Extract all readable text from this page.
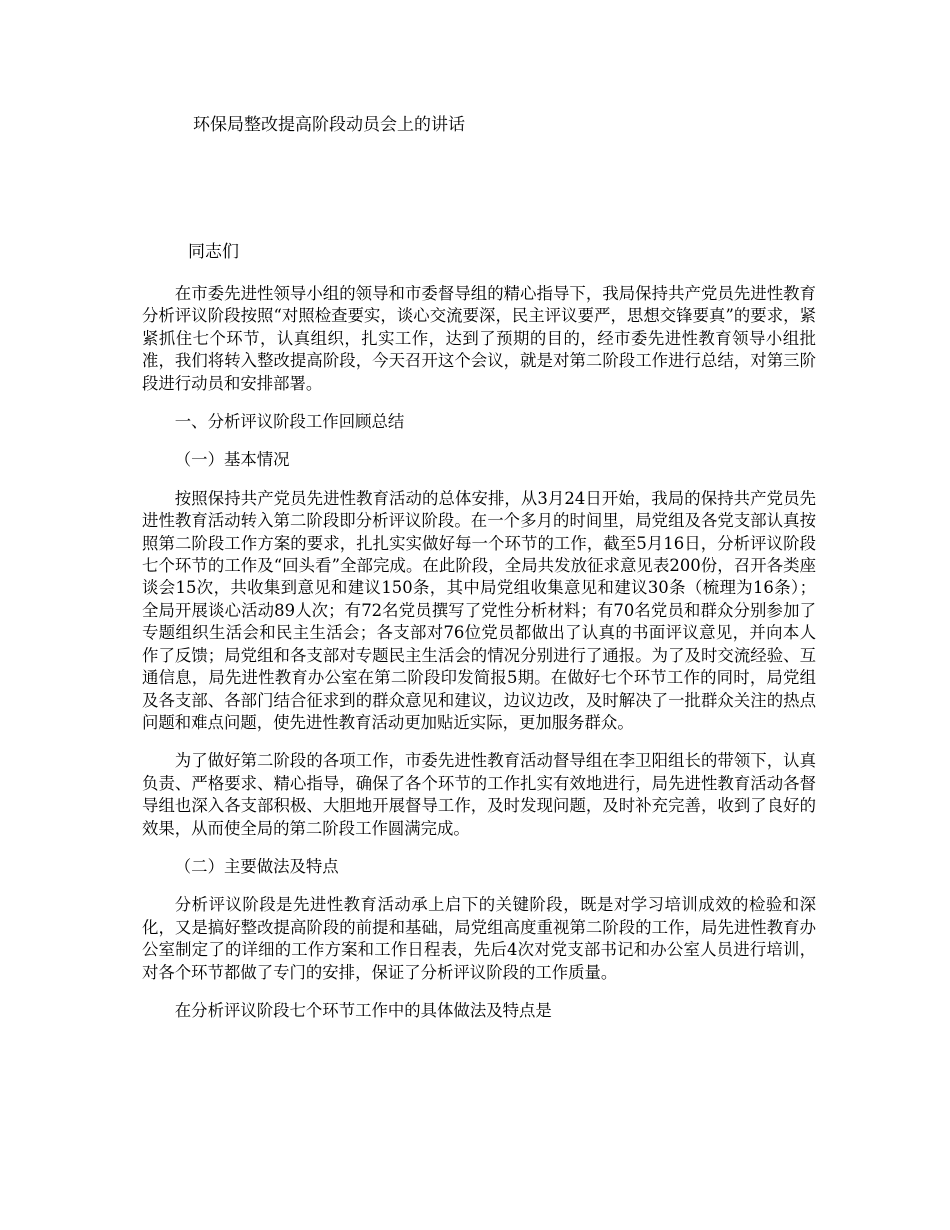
环保局整改提高阶段动员会上的讲话
同志们

在市委先进性领导小组的领导和市委督导组的精心指导下，我局保持共产党员先进性教育分析评议阶段按照“对照检查要实，谈心交流要深，民主评议要严，思想交锋要真”的要求，紧紧抓住七个环节，认真组织，扎实工作，达到了预期的目的，经市委先进性教育领导小组批准，我们将转入整改提高阶段，今天召开这个会议，就是对第二阶段工作进行总结，对第三阶段进行动员和安排部署。

一、分析评议阶段工作回顾总结

（一）基本情况

按照保持共产党员先进性教育活动的总体安排，从3月24日开始，我局的保持共产党员先进性教育活动转入第二阶段即分析评议阶段。在一个多月的时间里，局党组及各党支部认真按照第二阶段工作方案的要求，扎扎实实做好每一个环节的工作，截至5月16日，分析评议阶段七个环节的工作及“回头看”全部完成。在此阶段，全局共发放征求意见表200份，召开各类座谈会15次，共收集到意见和建议150条，其中局党组收集意见和建议30条（梳理为16条）；全局开展谈心活动89人次；有72名党员撰写了党性分析材料；有70名党员和群众分别参加了专题组织生活会和民主生活会；各支部对76位党员都做出了认真的书面评议意见，并向本人作了反馈；局党组和各支部对专题民主生活会的情况分别进行了通报。为了及时交流经验、互通信息，局先进性教育办公室在第二阶段印发简报5期。在做好七个环节工作的同时，局党组及各支部、各部门结合征求到的群众意见和建议，边议边改，及时解决了一批群众关注的热点问题和难点问题，使先进性教育活动更加贴近实际，更加服务群众。

为了做好第二阶段的各项工作，市委先进性教育活动督导组在李卫阳组长的带领下，认真负责、严格要求、精心指导，确保了各个环节的工作扎实有效地进行，局先进性教育活动各督导组也深入各支部积极、大胆地开展督导工作，及时发现问题，及时补充完善，收到了良好的效果，从而使全局的第二阶段工作圆满完成。

（二）主要做法及特点

分析评议阶段是先进性教育活动承上启下的关键阶段，既是对学习培训成效的检验和深化，又是搞好整改提高阶段的前提和基础，局党组高度重视第二阶段的工作，局先进性教育办公室制定了的详细的工作方案和工作日程表，先后4次对党支部书记和办公室人员进行培训，对各个环节都做了专门的安排，保证了分析评议阶段的工作质量。

在分析评议阶段七个环节工作中的具体做法及特点是
